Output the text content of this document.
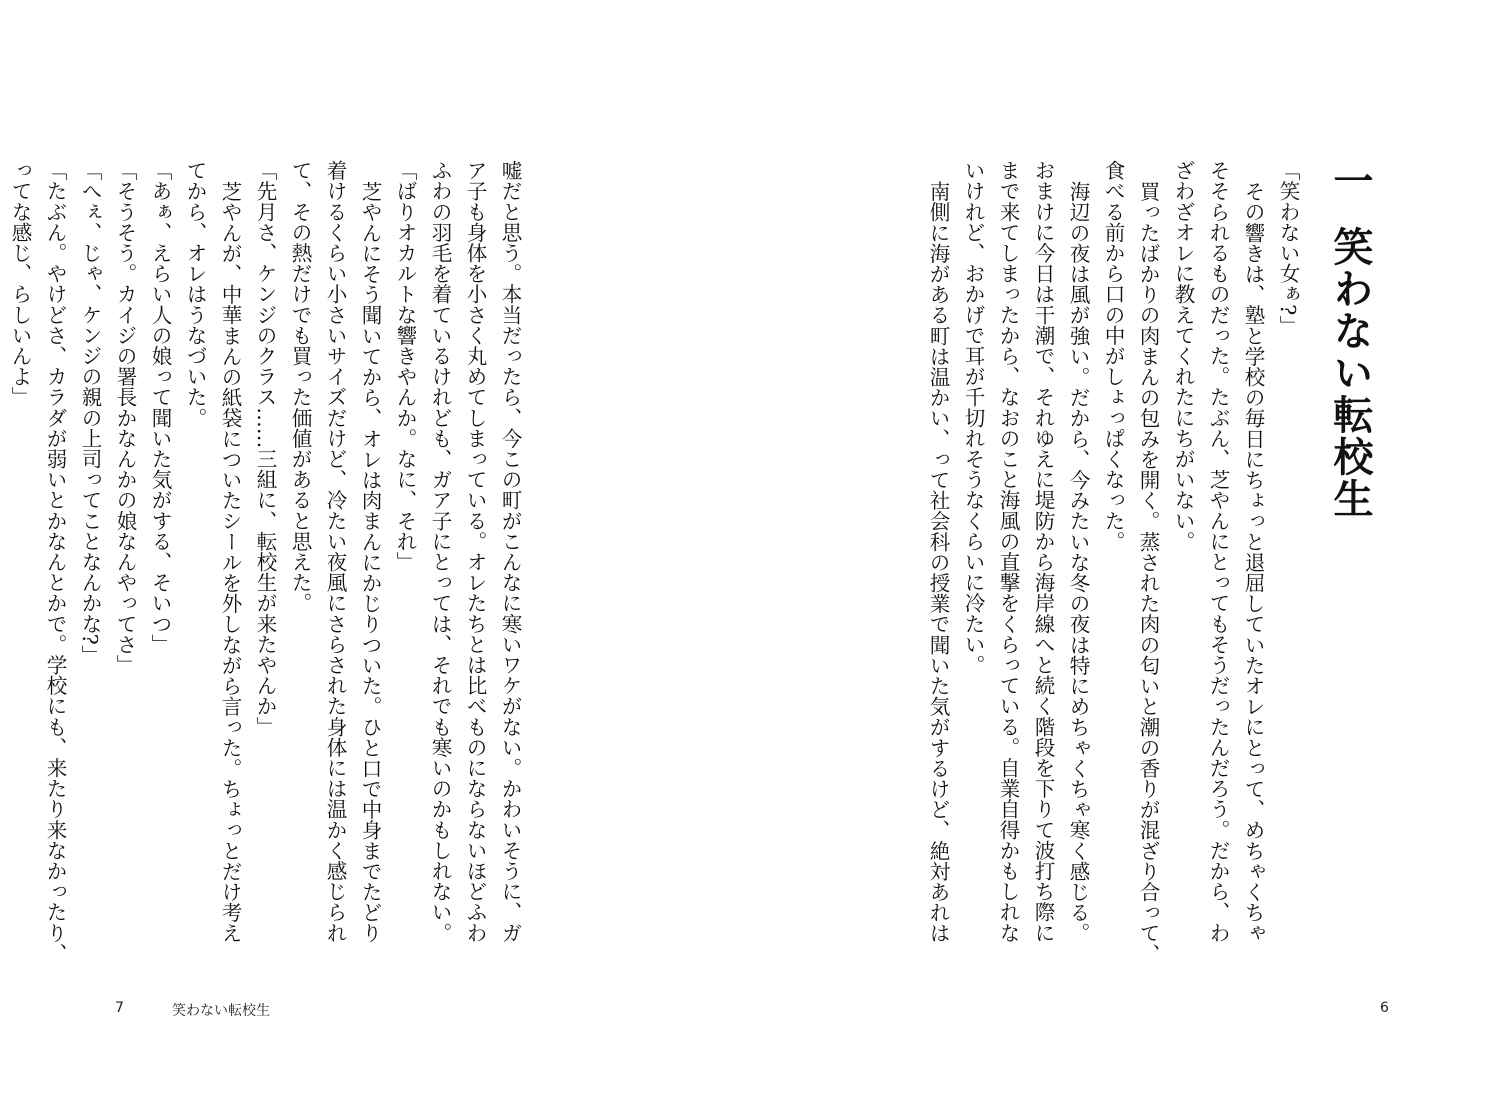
嘘だと思う。本当だったら、今この町がこんなに寒いワケがない。かわいそうに、ガ

ア子も身体を小さく丸めてしまっている。オレたちとは比べものにならないほどふわ

ふわの羽毛を着ているけれども、ガア子にとっては、それでも寒いのかもしれない。

「ばりオカルトな響きやんか。なに、それ」

芝やんにそう聞いてから、オレは肉まんにかじりついた。ひと口で中身までたどり

着けるくらい小さいサイズだけど、冷たい夜風にさらされた身体には温かく感じられ

て、その熱だけでも買った価値があると思えた。

「先月さ、ケンジのクラス……三組に、転校生が来たやんか」

芝やんが、中華まんの紙袋についたシールを外しながら言った。ちょっとだけ考え

てから、オレはうなづいた。

「あぁ、えらい人の娘って聞いた気がする、そいつ」

「そうそう。カイジの署長かなんかの娘なんやってさ」

「へぇ、じゃ、ケンジの親の上司ってことなんかな?」

「たぶん。やけどさ、カラダが弱いとかなんとかで。学校にも、来たり来なかったり、

ってな感じ、らしいんよ」

7	笑わない転校生
一笑わない転校生

「笑わない女ぁ?」

その響きは、塾と学校の毎日にちょっと退屈していたオレにとって、めちゃくちゃ

そそられるものだった。たぶん、芝やんにとってもそうだったんだろう。だから、わ

ざわざオレに教えてくれたにちがいない。

買ったばかりの肉まんの包みを開く。蒸された肉の匂いと潮の香りが混ざり合って、

食べる前から口の中がしょっぱくなった。

海辺の夜は風が強い。だから、今みたいな冬の夜は特にめちゃくちゃ寒く感じる。

おまけに今日は干潮で、それゆえに堤防から海岸線へと続く階段を下りて波打ち際に

まで来てしまったから、なおのこと海風の直撃をくらっている。自業自得かもしれな

いけれど、おかげで耳が千切れそうなくらいに冷たい。

南側に海がある町は温かい、って社会科の授業で聞いた気がするけど、絶対あれは

6
